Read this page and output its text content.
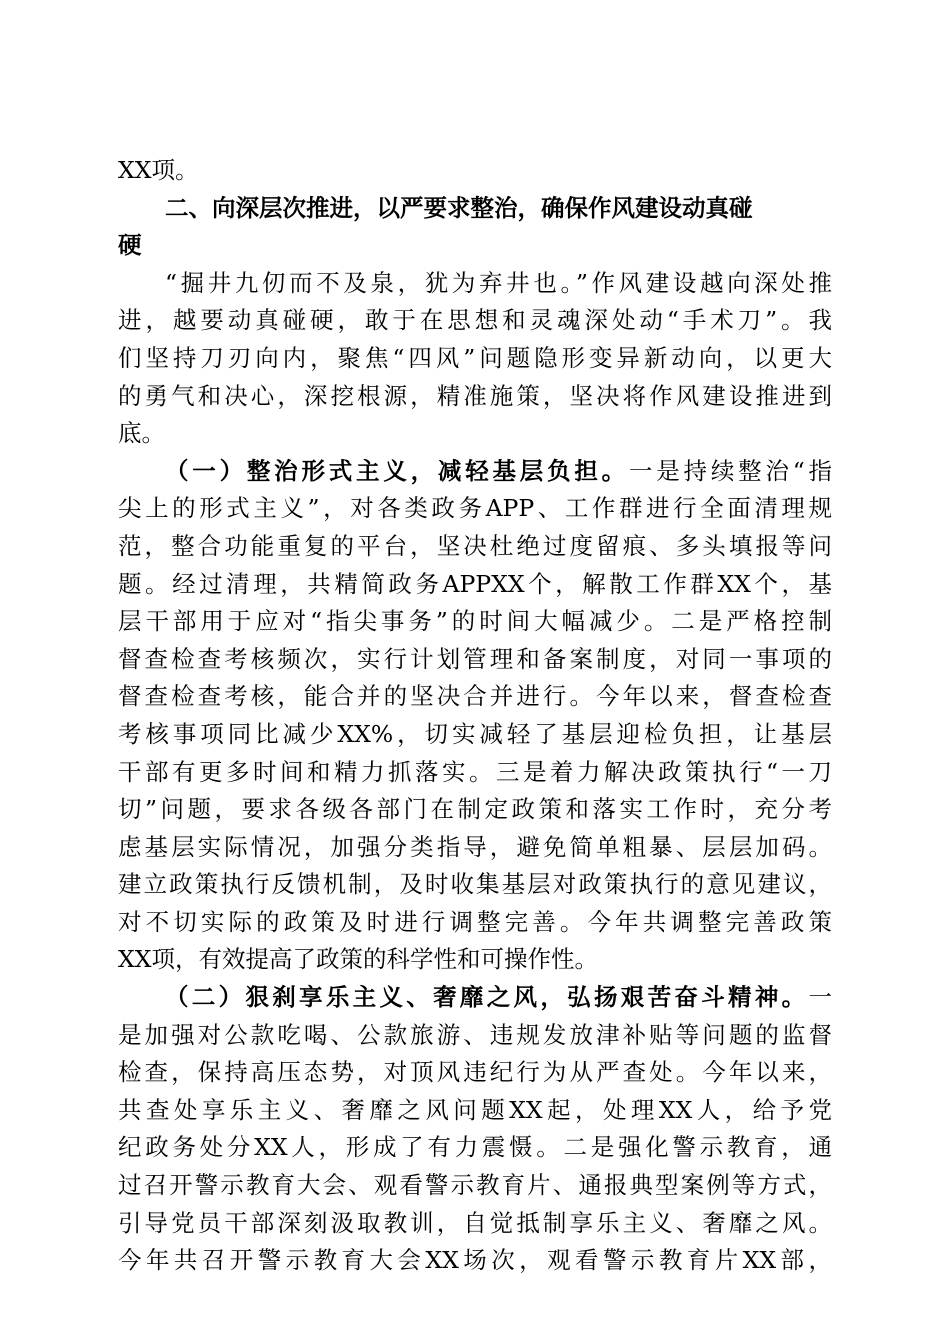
XX项。
二、向深层次推进，以严要求整治，确保作风建设动真碰
硬
“掘井九仞而不及泉，犹为弃井也。”作风建设越向深处推
进，越要动真碰硬，敢于在思想和灵魂深处动“手术刀”。我
们坚持刀刃向内，聚焦“四风”问题隐形变异新动向，以更大
的勇气和决心，深挖根源，精准施策，坚决将作风建设推进到
底。
（一）整治形式主义，减轻基层负担。一是持续整治“指
尖上的形式主义”，对各类政务APP、工作群进行全面清理规
范，整合功能重复的平台，坚决杜绝过度留痕、多头填报等问
题。经过清理，共精简政务APPXX个，解散工作群XX个，基
层干部用于应对“指尖事务”的时间大幅减少。二是严格控制
督查检查考核频次，实行计划管理和备案制度，对同一事项的
督查检查考核，能合并的坚决合并进行。今年以来，督查检查
考核事项同比减少XX%，切实减轻了基层迎检负担，让基层
干部有更多时间和精力抓落实。三是着力解决政策执行“一刀
切”问题，要求各级各部门在制定政策和落实工作时，充分考
虑基层实际情况，加强分类指导，避免简单粗暴、层层加码。
建立政策执行反馈机制，及时收集基层对政策执行的意见建议，
对不切实际的政策及时进行调整完善。今年共调整完善政策
XX项，有效提高了政策的科学性和可操作性。
（二）狠刹享乐主义、奢靡之风，弘扬艰苦奋斗精神。一
是加强对公款吃喝、公款旅游、违规发放津补贴等问题的监督
检查，保持高压态势，对顶风违纪行为从严查处。今年以来，
共查处享乐主义、奢靡之风问题XX起，处理XX人，给予党
纪政务处分XX人，形成了有力震慑。二是强化警示教育，通
过召开警示教育大会、观看警示教育片、通报典型案例等方式，
引导党员干部深刻汲取教训，自觉抵制享乐主义、奢靡之风。
今年共召开警示教育大会XX场次，观看警示教育片XX部，
